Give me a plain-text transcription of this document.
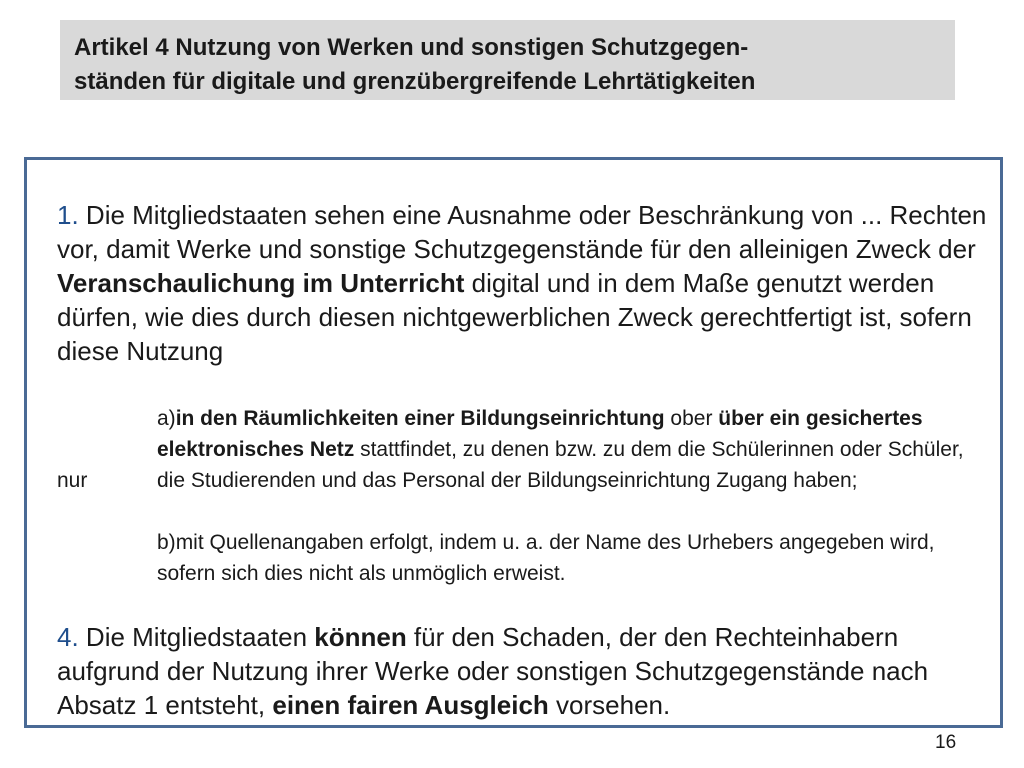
Artikel 4 Nutzung von Werken und sonstigen Schutzgegen-
ständen für digitale und grenzübergreifende Lehrtätigkeiten
1. Die Mitgliedstaaten sehen eine Ausnahme oder Beschränkung von ... Rechten vor, damit Werke und sonstige Schutzgegenstände für den alleinigen Zweck der Veranschaulichung im Unterricht digital und in dem Maße genutzt werden dürfen, wie dies durch diesen nichtgewerblichen Zweck gerechtfertigt ist, sofern diese Nutzung
nur
a)in den Räumlichkeiten einer Bildungseinrichtung ober über ein gesichertes elektronisches Netz stattfindet, zu denen bzw. zu dem die Schülerinnen oder Schüler, die Studierenden und das Personal der Bildungseinrichtung Zugang haben;
b)mit Quellenangaben erfolgt, indem u. a. der Name des Urhebers angegeben wird, sofern sich dies nicht als unmöglich erweist.
4. Die Mitgliedstaaten können für den Schaden, der den Rechteinhabern aufgrund der Nutzung ihrer Werke oder sonstigen Schutzgegenstände nach Absatz 1 entsteht, einen fairen Ausgleich vorsehen.
16
